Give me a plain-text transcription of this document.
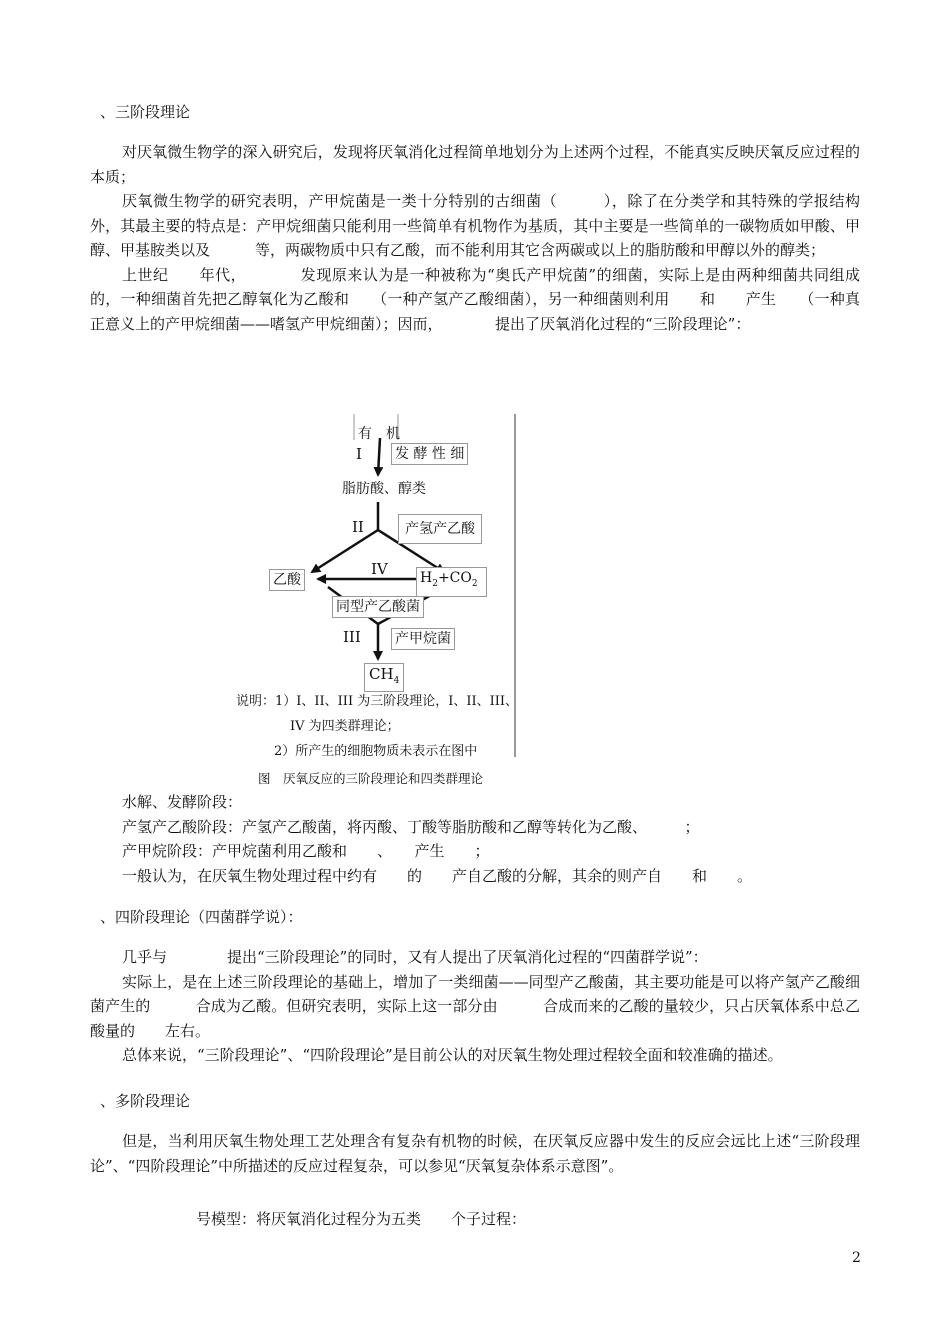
、三阶段理论

对厌氧微生物学的深入研究后，发现将厌氧消化过程简单地划分为上述两个过程，不能真实反映厌氧反应过程的本质；

厌氧微生物学的研究表明，产甲烷菌是一类十分特别的古细菌（　　　），除了在分类学和其特殊的学报结构外，其最主要的特点是：产甲烷细菌只能利用一些简单有机物作为基质，其中主要是一些简单的一碳物质如甲酸、甲醇、甲基胺类以及　　　等，两碳物质中只有乙酸，而不能利用其它含两碳或以上的脂肪酸和甲醇以外的醇类；

上世纪　　年代，　　　　发现原来认为是一种被称为“奥氏产甲烷菌”的细菌，实际上是由两种细菌共同组成的，一种细菌首先把乙醇氧化为乙酸和　　（一种产氢产乙酸细菌），另一种细菌则利用　　和　　产生　　（一种真正意义上的产甲烷细菌——嗜氢产甲烷细菌）；因而，　　　　提出了厌氧消化过程的“三阶段理论”：

有　机
I 发 酵 性 细
脂肪酸、醇类
II	产氢产乙酸
IV
乙酸	$H_2+CO_2$
同型产乙酸菌
III 产甲烷菌
$CH_4$
说明：1）I、II、III 为三阶段理论，I、II、III、
IV 为四类群理论；
2）所产生的细胞物质未表示在图中
图　厌氧反应的三阶段理论和四类群理论
水解、发酵阶段：
产氢产乙酸阶段：产氢产乙酸菌，将丙酸、丁酸等脂肪酸和乙醇等转化为乙酸、　　　；
产甲烷阶段：产甲烷菌利用乙酸和　　、　　产生　　；
一般认为，在厌氧生物处理过程中约有　　的　　产自乙酸的分解，其余的则产自　　和　　。
、四阶段理论（四菌群学说）：

几乎与　　　　提出“三阶段理论”的同时，又有人提出了厌氧消化过程的“四菌群学说”：

实际上，是在上述三阶段理论的基础上，增加了一类细菌——同型产乙酸菌，其主要功能是可以将产氢产乙酸细菌产生的　　　合成为乙酸。但研究表明，实际上这一部分由　　　合成而来的乙酸的量较少，只占厌氧体系中总乙酸量的　　左右。

总体来说，“三阶段理论”、“四阶段理论”是目前公认的对厌氧生物处理过程较全面和较准确的描述。

、多阶段理论

但是，当利用厌氧生物处理工艺处理含有复杂有机物的时候，在厌氧反应器中发生的反应会远比上述“三阶段理论”、“四阶段理论”中所描述的反应过程复杂，可以参见“厌氧复杂体系示意图”。

号模型：将厌氧消化过程分为五类　　个子过程：
2
